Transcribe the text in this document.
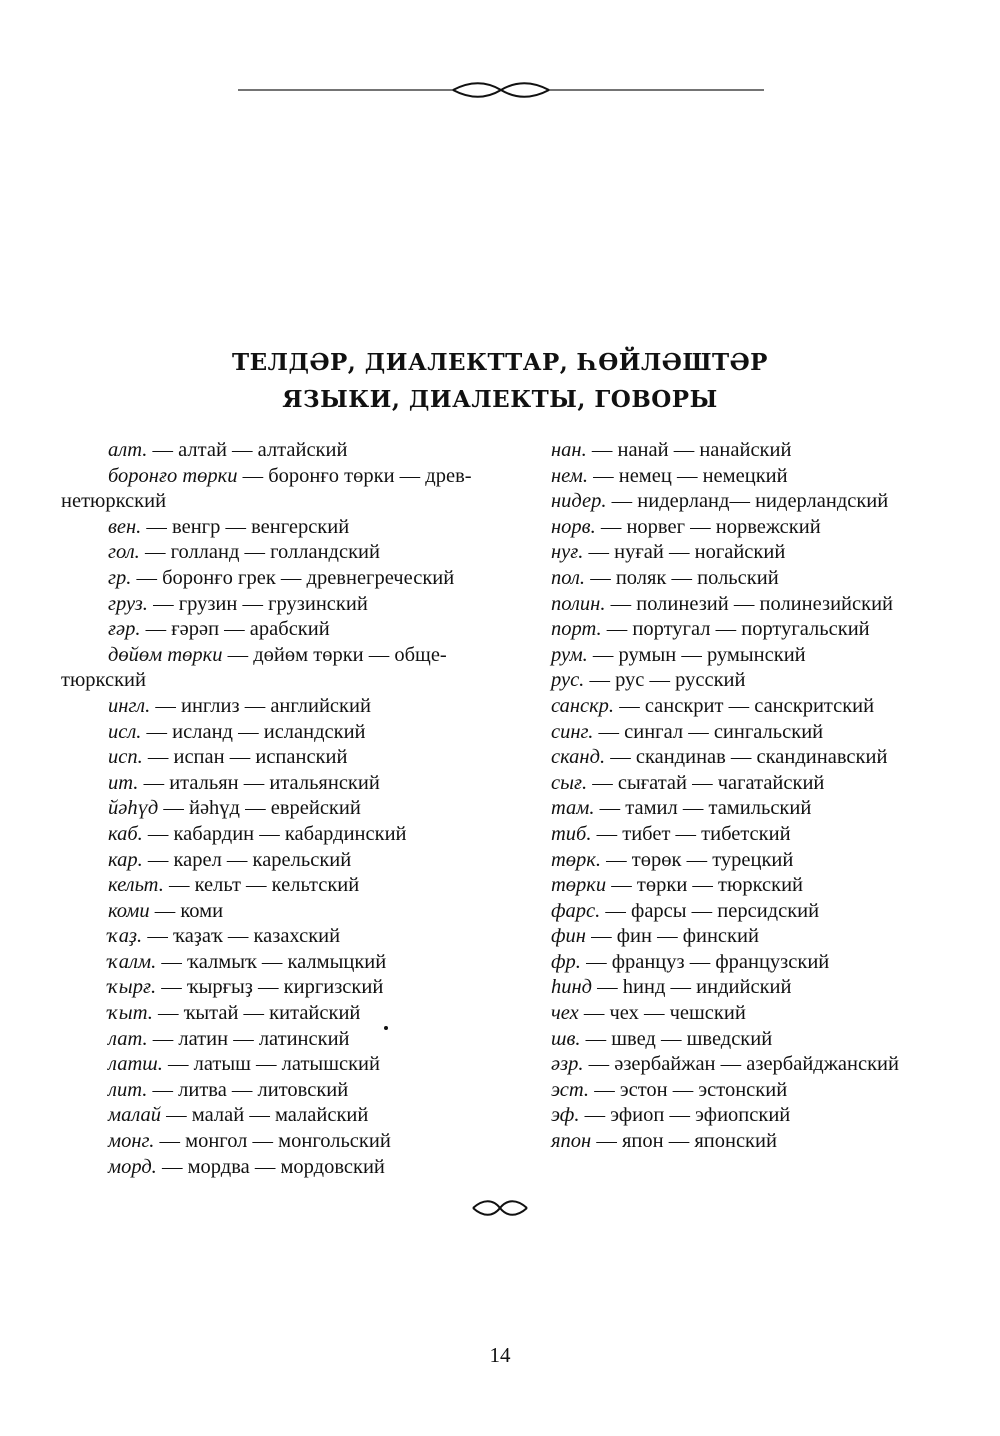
ТЕЛДӘР, ДИАЛЕКТТАР, ҺӨЙЛӘШТӘР
ЯЗЫКИ, ДИАЛЕКТЫ, ГОВОРЫ
алт. — алтай — алтайский
боронғо төрки — боронғо төрки — древ-
нетюркский
вен. — венгр — венгерский
гол. — голланд — голландский
гр. — боронғо грек — древнегреческий
груз. — грузин — грузинский
ғәр. — ғәрәп — арабский
дөйөм төрки — дөйөм төрки — обще-
тюркский
ингл. — инглиз — английский
исл. — исланд — исландский
исп. — испан — испанский
ит. — итальян — итальянский
йәһүд — йәһүд — еврейский
каб. — кабардин — кабардинский
кар. — карел — карельский
кельт. — кельт — кельтский
коми — коми
ҡаҙ. — ҡаҙаҡ — казахский
ҡалм. — ҡалмыҡ — калмыцкий
ҡырғ. — ҡырғыҙ — киргизский
ҡыт. — ҡытай — китайский
лат. — латин — латинский
латш. — латыш — латышский
лит. — литва — литовский
малай — малай — малайский
монг. — монгол — монгольский
морд. — мордва — мордовский
нан. — нанай — нанайский
нем. — немец — немецкий
нидер. — нидерланд— нидерландский
норв. — норвег — норвежский
нуғ. — нуғай — ногайский
пол. — поляк — польский
полин. — полинезий — полинезийский
порт. — португал — португальский
рум. — румын — румынский
рус. — рус — русский
санскр. — санскрит — санскритский
синг. — сингал — сингальский
сканд. — скандинав — скандинавский
сығ. — сығатай — чагатайский
там. — тамил — тамильский
тиб. — тибет — тибетский
төрк. — төрөк — турецкий
төрки — төрки — тюркский
фарс. — фарсы — персидский
фин — фин — финский
фр. — француз — французский
һинд — һинд — индийский
чех — чех — чешский
шв. — швед — шведский
әзр. — әзербайжан — азербайджанский
эст. — эстон — эстонский
эф. — эфиоп — эфиопский
япон — япон — японский
14
